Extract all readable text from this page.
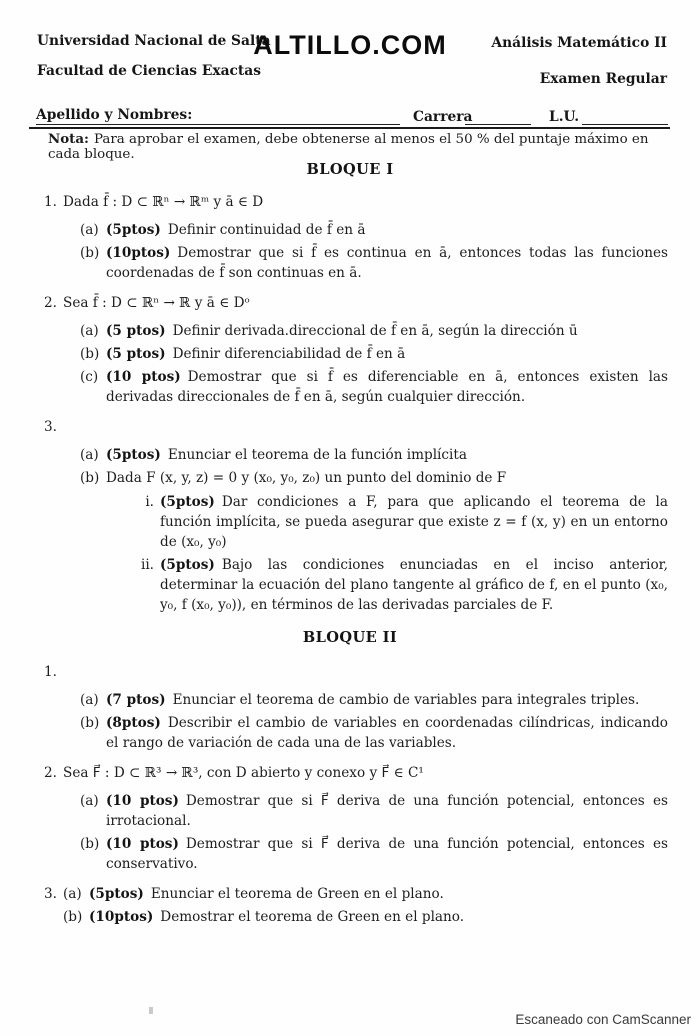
Universidad Nacional de Salta
Facultad de Ciencias Exactas
ALTILLO.COM	Análisis Matemático II
Examen Regular
Apellido y Nombres:	Carrera	L.U.
Nota: Para aprobar el examen, debe obtenerse al menos el 50 % del puntaje máximo en cada bloque.
BLOQUE I
1. Dada f̄ : D ⊂ ℝⁿ → ℝᵐ y ā ∈ D
(a) (5ptos) Definir continuidad de f̄ en ā
(b) (10ptos) Demostrar que si f̄ es continua en ā, entonces todas las funciones coordenadas de f̄ son continuas en ā.
2. Sea f̄ : D ⊂ ℝⁿ → ℝ y ā ∈ Dᵒ
(a) (5 ptos) Definir derivada.direccional de f̄ en ā, según la dirección ū
(b) (5 ptos) Definir diferenciabilidad de f̄ en ā
(c) (10 ptos) Demostrar que si f̄ es diferenciable en ā, entonces existen las derivadas direccionales de f̄ en ā, según cualquier dirección.
3.
(a) (5ptos) Enunciar el teorema de la función implícita
(b) Dada F (x, y, z) = 0 y (x₀, y₀, z₀) un punto del dominio de F
i. (5ptos) Dar condiciones a F, para que aplicando el teorema de la función implícita, se pueda asegurar que existe z = f (x, y) en un entorno de (x₀, y₀)
ii. (5ptos) Bajo las condiciones enunciadas en el inciso anterior, determinar la ecuación del plano tangente al gráfico de f, en el punto (x₀, y₀, f (x₀, y₀)), en términos de las derivadas parciales de F.
BLOQUE II
1.
(a) (7 ptos) Enunciar el teorema de cambio de variables para integrales triples.
(b) (8ptos) Describir el cambio de variables en coordenadas cilíndricas, indicando el rango de variación de cada una de las variables.
2. Sea F⃗ : D ⊂ ℝ³ → ℝ³, con D abierto y conexo y F⃗ ∈ C¹
(a) (10 ptos) Demostrar que si F⃗ deriva de una función potencial, entonces es irrotacional.
(b) (10 ptos) Demostrar que si F⃗ deriva de una función potencial, entonces es conservativo.
3. (a) (5ptos) Enunciar el teorema de Green en el plano.
(b) (10ptos) Demostrar el teorema de Green en el plano.
Escaneado con CamScanner
